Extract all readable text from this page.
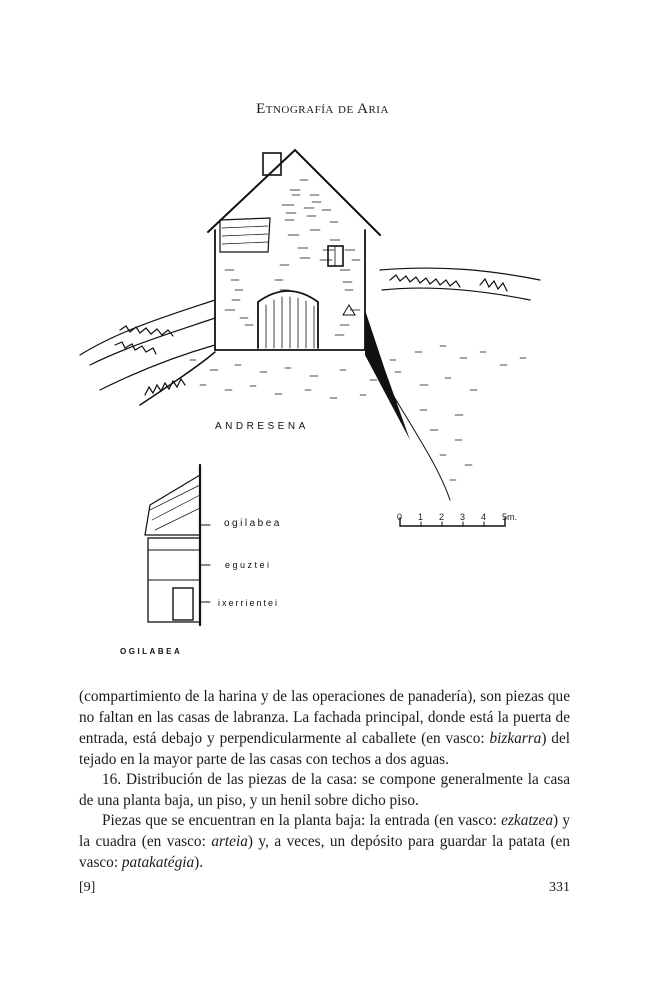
Etnografía de Aria
ANDRESENA
ogilabea
eguztei
ixerrientei
OGILABEA
0 1 2 3 4 5m.

(compartimiento de la harina y de las operaciones de panadería), son piezas que no faltan en las casas de labranza. La fachada principal, donde está la puerta de entrada, está debajo y perpendicularmente al caballete (en vasco: bizkarra) del tejado en la mayor parte de las casas con techos a dos aguas.

16. Distribución de las piezas de la casa: se compone generalmente la casa de una planta baja, un piso, y un henil sobre dicho piso.

Piezas que se encuentran en la planta baja: la entrada (en vasco: ezkatzea) y la cuadra (en vasco: arteia) y, a veces, un depósito para guardar la patata (en vasco: patakatégia).

[9]	331
